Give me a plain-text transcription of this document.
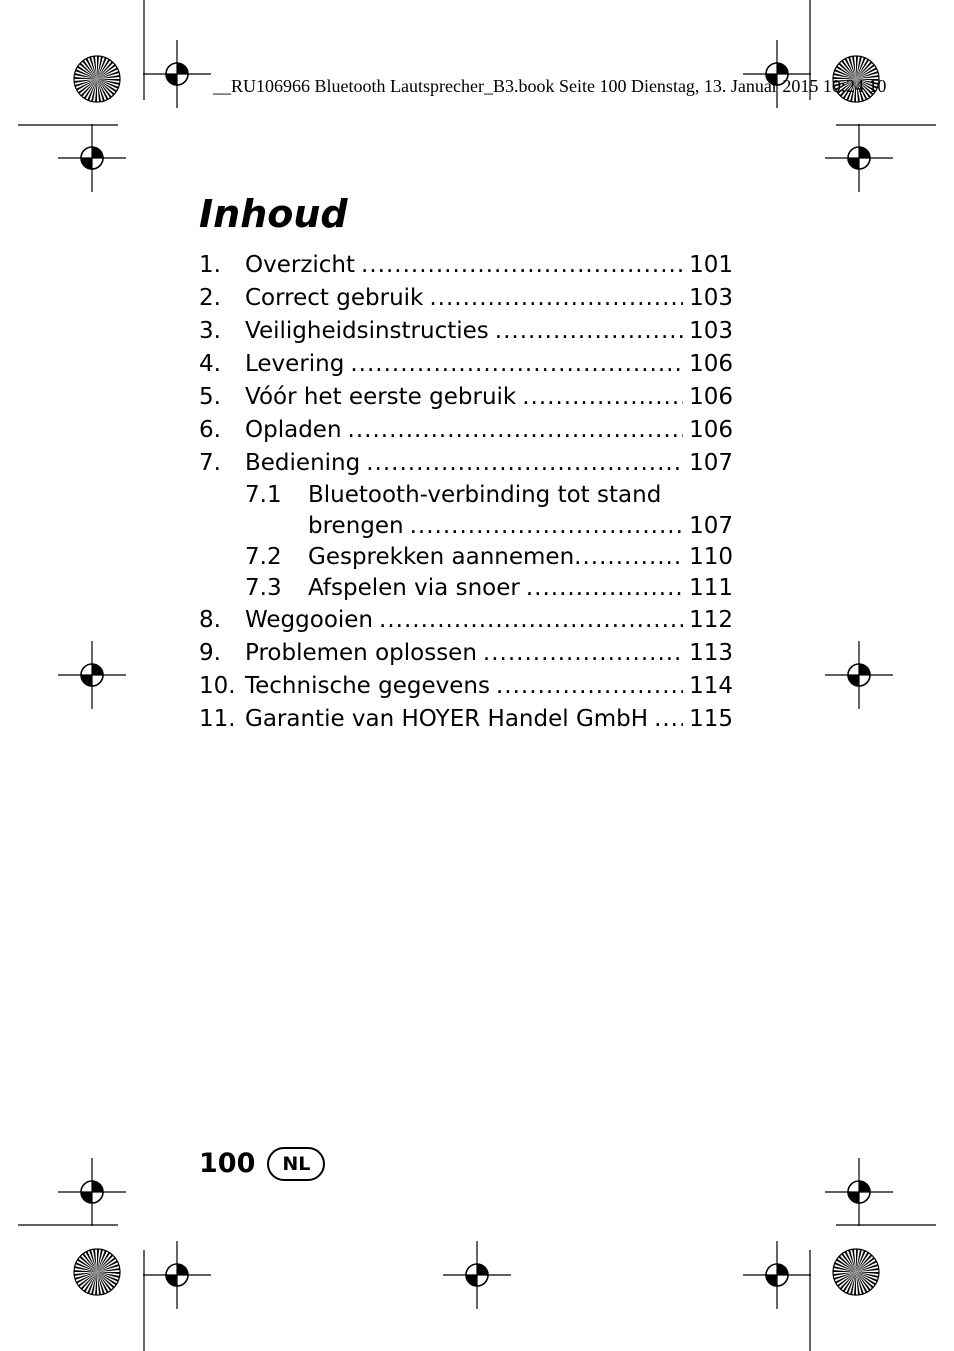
__RU106966 Bluetooth Lautsprecher_B3.book Seite 100 Dienstag, 13. Januar 2015 10:24 10
Inhoud
1.	Overzicht .....	101
2.	Correct gebruik .....	103
3.	Veiligheidsinstructies .....	103
4.	Levering .....	106
5.	Vóór het eerste gebruik .....	106
6.	Opladen .....	106
7.	Bediening .....	107
7.1	Bluetooth-verbinding tot stand
brengen .....	107
7.2	Gesprekken aannemen .....	110
7.3	Afspelen via snoer .....	111
8.	Weggooien .....	112
9.	Problemen oplossen .....	113
10. Technische gegevens .....	114
11. Garantie van HOYER Handel GmbH ..... 115
100	NL
